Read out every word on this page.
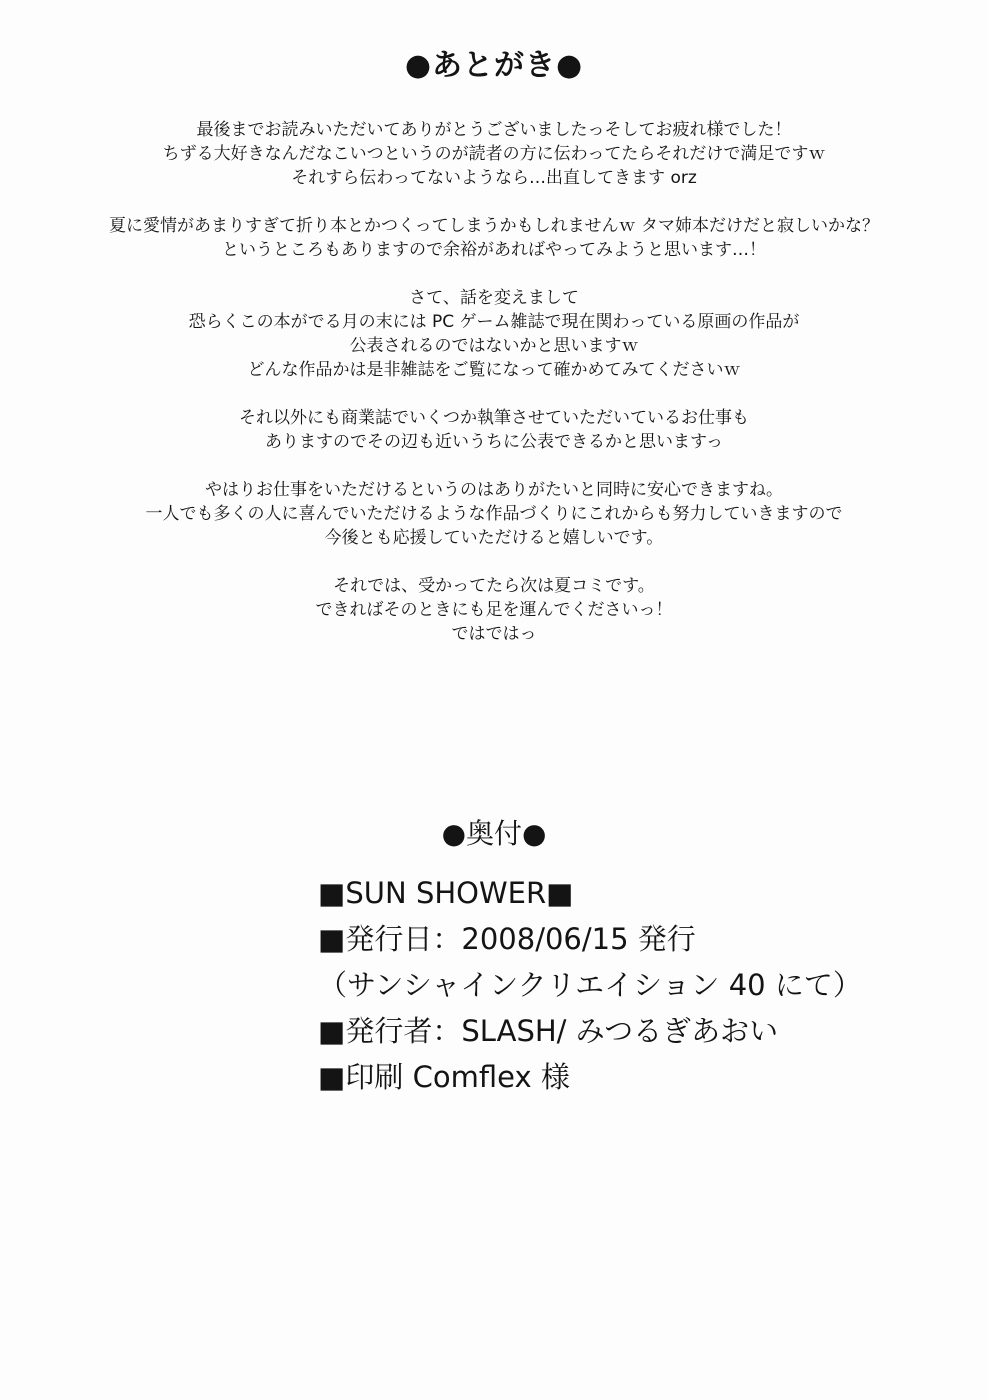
●あとがき●

最後までお読みいただいてありがとうございましたっそしてお疲れ様でした！
ちずる大好きなんだなこいつというのが読者の方に伝わってたらそれだけで満足ですｗ
それすら伝わってないようなら…出直してきます orz

夏に愛情があまりすぎて折り本とかつくってしまうかもしれませんｗ タマ姉本だけだと寂しいかな？
というところもありますので余裕があればやってみようと思います…！

さて、話を変えまして
恐らくこの本がでる月の末には PC ゲーム雑誌で現在関わっている原画の作品が
公表されるのではないかと思いますｗ
どんな作品かは是非雑誌をご覧になって確かめてみてくださいｗ

それ以外にも商業誌でいくつか執筆させていただいているお仕事も
ありますのでその辺も近いうちに公表できるかと思いますっ

やはりお仕事をいただけるというのはありがたいと同時に安心できますね。
一人でも多くの人に喜んでいただけるような作品づくりにこれからも努力していきますので
今後とも応援していただけると嬉しいです。

それでは、受かってたら次は夏コミです。
できればそのときにも足を運んでくださいっ！
ではではっ

●奥付●
■SUN SHOWER■
■発行日：2008/06/15 発行
（サンシャインクリエイション 40 にて）
■発行者：SLASH/ みつるぎあおい
■印刷 Comflex 様
